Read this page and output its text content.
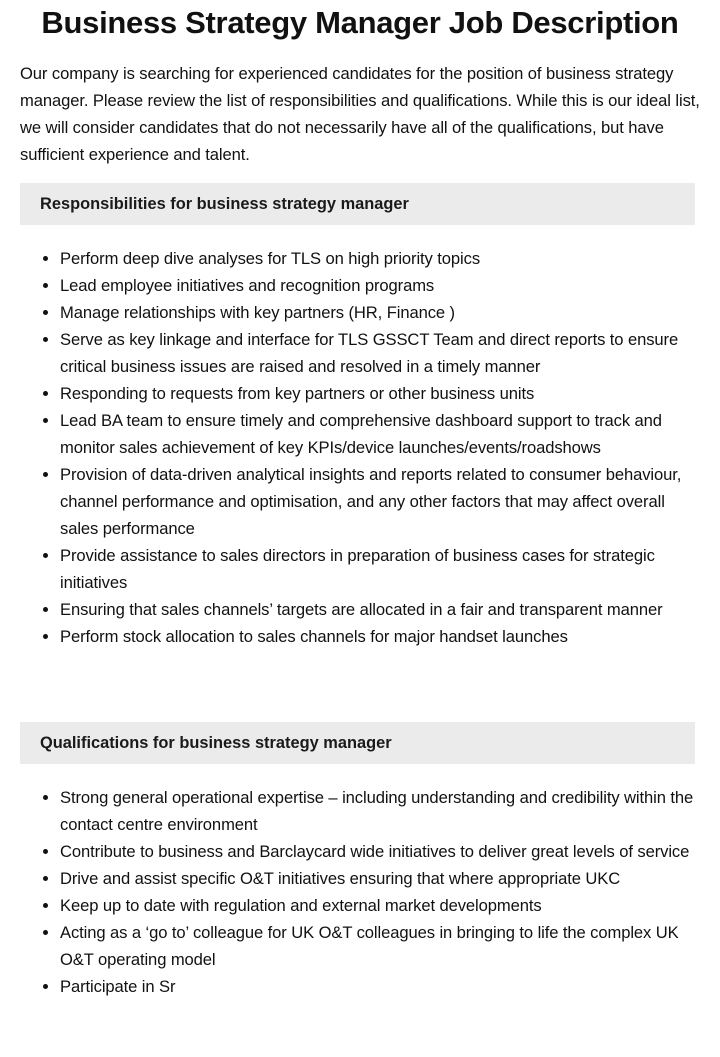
Business Strategy Manager Job Description

Our company is searching for experienced candidates for the position of business strategy manager. Please review the list of responsibilities and qualifications. While this is our ideal list, we will consider candidates that do not necessarily have all of the qualifications, but have sufficient experience and talent.

Responsibilities for business strategy manager
• Perform deep dive analyses for TLS on high priority topics
• Lead employee initiatives and recognition programs
• Manage relationships with key partners (HR, Finance )
• Serve as key linkage and interface for TLS GSSCT Team and direct reports to ensure critical business issues are raised and resolved in a timely manner
• Responding to requests from key partners or other business units
• Lead BA team to ensure timely and comprehensive dashboard support to track and monitor sales achievement of key KPIs/device launches/events/roadshows
• Provision of data-driven analytical insights and reports related to consumer behaviour, channel performance and optimisation, and any other factors that may affect overall sales performance
• Provide assistance to sales directors in preparation of business cases for strategic initiatives
• Ensuring that sales channels’ targets are allocated in a fair and transparent manner
• Perform stock allocation to sales channels for major handset launches
Qualifications for business strategy manager
• Strong general operational expertise – including understanding and credibility within the contact centre environment
• Contribute to business and Barclaycard wide initiatives to deliver great levels of service
• Drive and assist specific O&T initiatives ensuring that where appropriate UKC
• Keep up to date with regulation and external market developments
• Acting as a ‘go to’ colleague for UK O&T colleagues in bringing to life the complex UK O&T operating model
• Participate in Sr
